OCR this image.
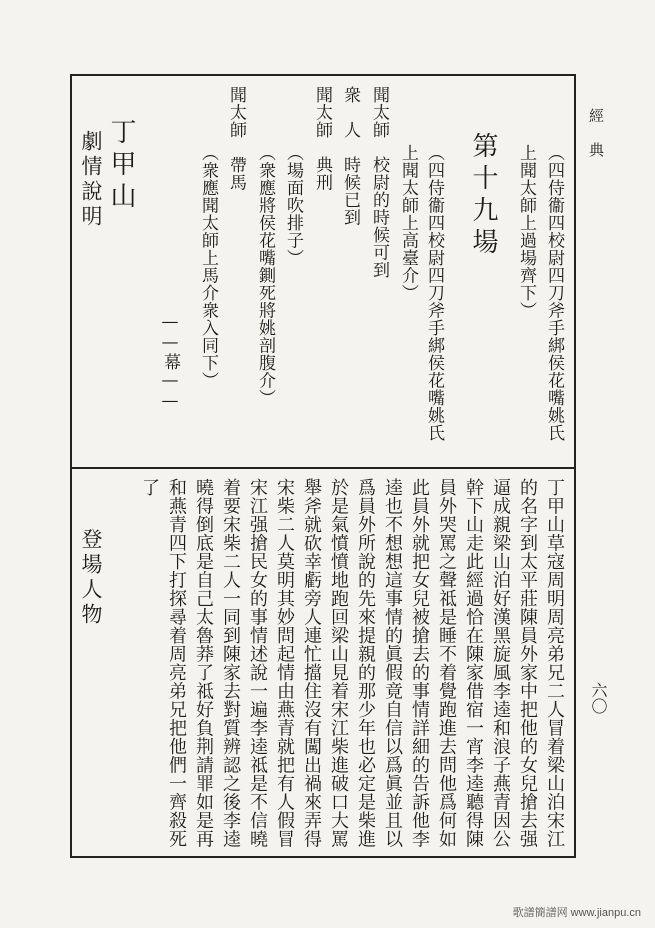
經　典
六〇
（四侍衞四校尉四刀斧手綁侯花嘴姚氏
上聞太師上過場齊下）
第十九場
（四侍衞四校尉四刀斧手綁侯花嘴姚氏
上聞太師上高臺介）
聞太師　校尉的時候可到
衆　人　時候已到
聞太師　典刑
（場面吹排子）
（衆應將侯花嘴鍘死將姚剖腹介）
聞太師　帶馬
（衆應聞太師上馬介衆入同下）
——幕——
丁甲山
劇情說明
丁甲山草寇周明周亮弟兄二人冒着梁山泊宋江
的名字到太平莊陳員外家中把他的女兒搶去强
逼成親梁山泊好漢黑旋風李逵和浪子燕青因公
幹下山走此經過恰在陳家借宿一宵李逵聽得陳
員外哭罵之聲祗是睡不着覺跑進去問他爲何如
此員外就把女兒被搶去的事情詳細的告訴他李
逵也不想想這事情的眞假竟自信以爲眞並且以
爲員外所說的先來提親的那少年也必定是柴進
於是氣憤憤地跑回梁山見着宋江柴進破口大罵
舉斧就砍幸虧旁人連忙擋住沒有闖出禍來弄得
宋柴二人莫明其妙問起情由燕青就把有人假冒
宋江强搶民女的事情述說一遍李逵祗是不信曉
着要宋柴二人一同到陳家去對質辨認之後李逵
曉得倒底是自己太魯莽了祗好負荆請罪如是再
和燕青四下打探尋着周亮弟兄把他們一齊殺死
了
登場人物
歌譜簡譜网 www.jianpu.cn
